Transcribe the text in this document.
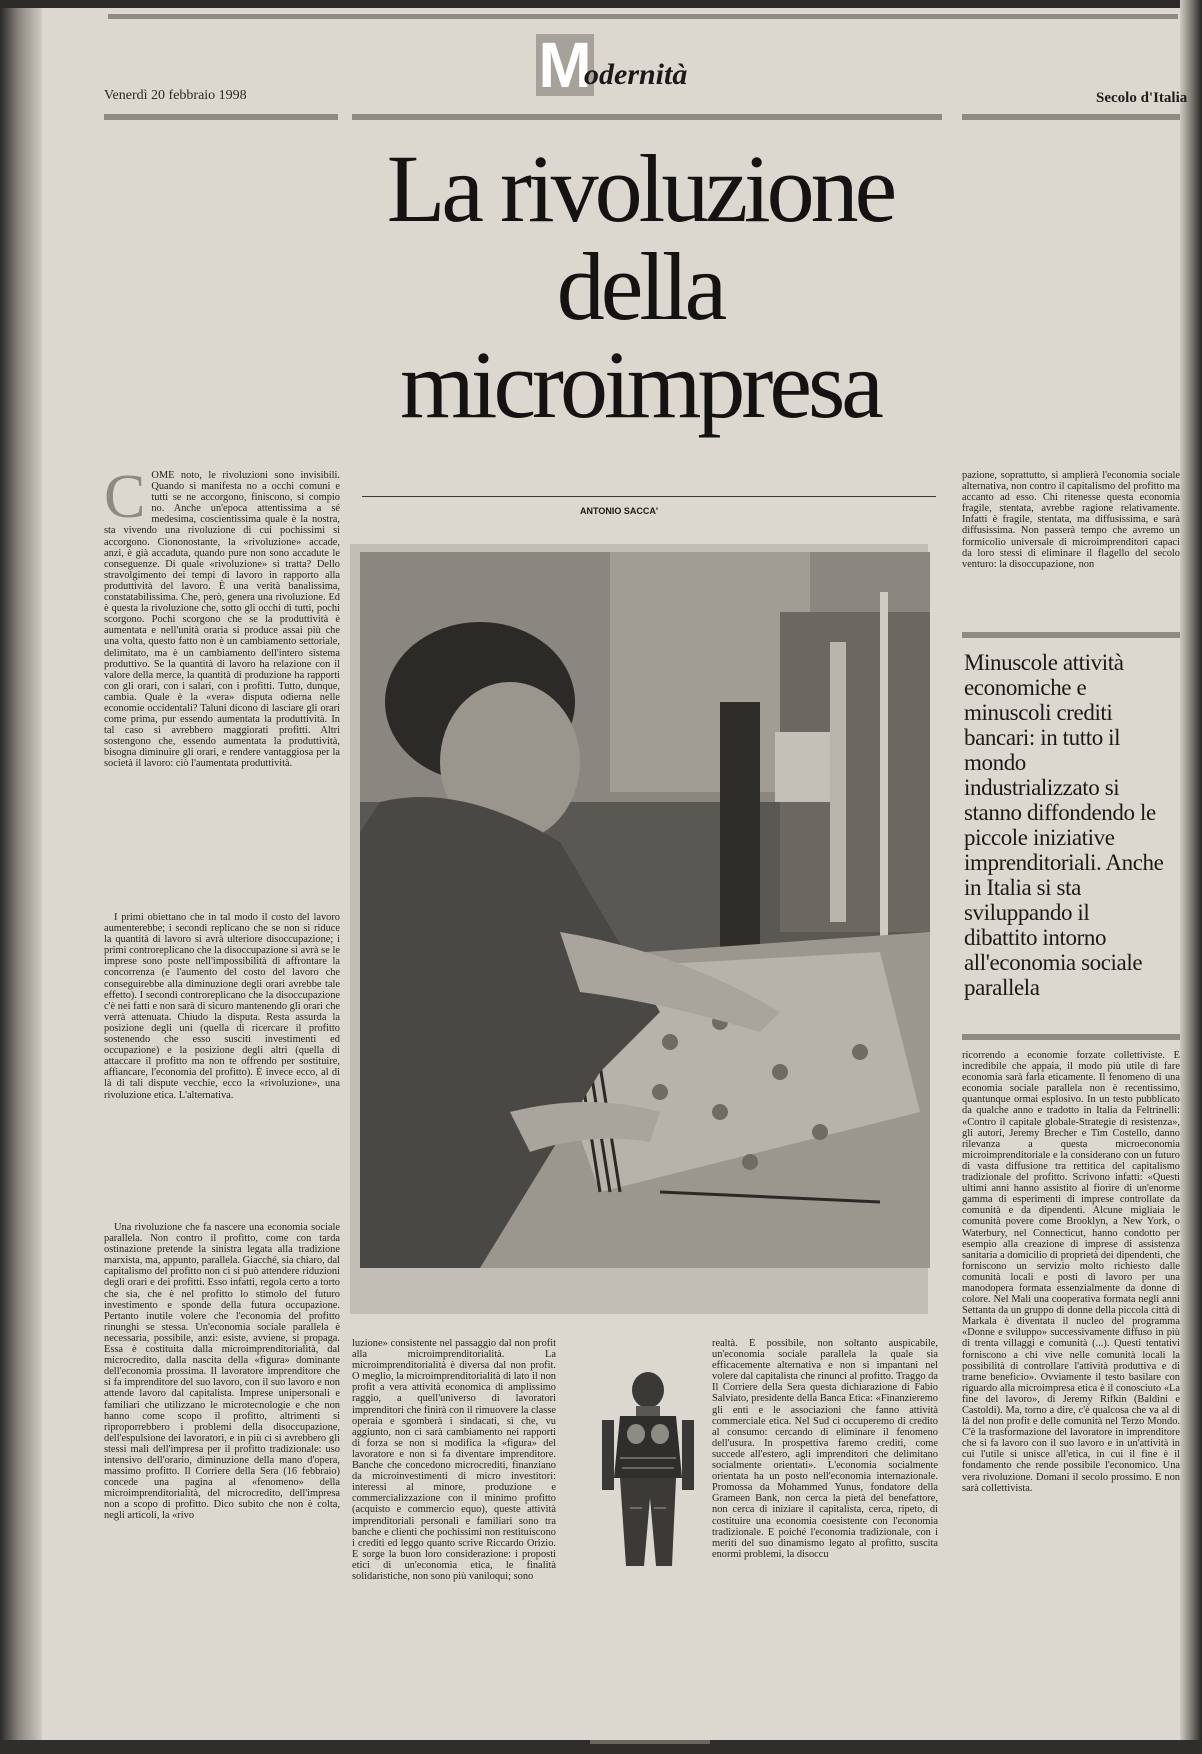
Venerdì 20 febbraio 1998	M
odernità
Secolo d'Italia
La rivoluzione
della
microimpresa
ANTONIO SACCA'
C OME noto, le rivoluzioni sono invisibili. Quando si manifesta no a occhi comuni e tutti se ne accorgono, finiscono, si compio no. Anche un'epoca attentissima a sé medesima, coscientissima quale è la nostra, sta vivendo una rivoluzione di cui pochissimi si accorgono. Ciononostante, la «rivoluzione» accade, anzi, è già accaduta, quando pure non sono accadute le conseguenze. Di quale «rivoluzione» si tratta? Dello stravolgimento dei tempi di lavoro in rapporto alla produttività del lavoro. È una verità banalissima, constatabilissima. Che, però, genera una rivoluzione. Ed è questa la rivoluzione che, sotto gli occhi di tutti, pochi scorgono. Pochi scorgono che se la produttività è aumentata e nell'unità oraria si produce assai più che una volta, questo fatto non è un cambiamento settoriale, delimitato, ma è un cambiamento dell'intero sistema produttivo. Se la quantità di lavoro ha relazione con il valore della merce, la quantità di produzione ha rapporti con gli orari, con i salari, con i profitti. Tutto, dunque, cambia. Quale è la «vera» disputa odierna nelle economie occidentali? Taluni dicono di lasciare gli orari come prima, pur essendo aumentata la produttività. In tal caso si avrebbero maggiorati profitti. Altri sostengono che, essendo aumentata la produttività, bisogna diminuire gli orari, e rendere vantaggiosa per la società il lavoro: ciò l'aumentata produttività.

I primi obiettano che in tal modo il costo del lavoro aumenterebbe; i secondi replicano che se non si riduce la quantità di lavoro si avrà ulteriore disoccupazione; i primi controreplicano che la disoccupazione si avrà se le imprese sono poste nell'impossibilità di affrontare la concorrenza (e l'aumento del costo del lavoro che conseguirebbe alla diminuzione degli orari avrebbe tale effetto). I secondi controreplicano che la disoccupazione c'è nei fatti e non sarà di sicuro mantenendo gli orari che verrà attenuata. Chiudo la disputa. Resta assurda la posizione degli uni (quella di ricercare il profitto sostenendo che esso susciti investimenti ed occupazione) e la posizione degli altri (quella di attaccare il profitto ma non te offrendo per sostituire, affiancare, l'economia del profitto). È invece ecco, al di là di tali dispute vecchie, ecco la «rivoluzione», una rivoluzione etica. L'alternativa.

Una rivoluzione che fa nascere una economia sociale parallela. Non contro il profitto, come con tarda ostinazione pretende la sinistra legata alla tradizione marxista, ma, appunto, parallela. Giacché, sia chiaro, dal capitalismo del profitto non ci si può attendere riduzioni degli orari e dei profitti. Esso infatti, regola certo a torto che sia, che è nel profitto lo stimolo del futuro investimento e sponde della futura occupazione. Pertanto inutile volere che l'economia del profitto rinunghi se stessa. Un'economia sociale parallela è necessaria, possibile, anzi: esiste, avviene, si propaga. Essa è costituita dalla microimprenditorialità, dal microcredito, dalla nascita della «figura» dominante dell'economia prossima. Il lavoratore imprenditore che si fa imprenditore del suo lavoro, con il suo lavoro e non attende lavoro dal capitalista. Imprese unipersonali e familiari che utilizzano le microtecnologie e che non hanno come scopo il profitto, altrimenti si riproporrebbero i problemi della disoccupazione, dell'espulsione dei lavoratori, e in più ci si avrebbero gli stessi mali dell'impresa per il profitto tradizionale: uso intensivo dell'orario, diminuzione della mano d'opera, massimo profitto. Il Corriere della Sera (16 febbraio) concede una pagina al «fenomeno» della microimprenditorialità, del microcredito, dell'impresa non a scopo di profitto. Dico subito che non è colta, negli articoli, la «rivo

luzione» consistente nel passaggio dal non profit alla microimprenditorialità. La microimprenditorialità è diversa dal non profit. O meglio, la microimprenditorialità di lato il non profit a vera attività economica di amplissimo raggio, a quell'universo di lavoratori imprenditori che finirà con il rimuovere la classe operaia e sgomberà i sindacati, sì che, vu aggiunto, non ci sarà cambiamento nei rapporti di forza se non si modifica la «figura» del lavoratore e non si fa diventare imprenditore. Banche che concedono microcrediti, finanziano da microinvestimenti di micro investitori: interessi al minore, produzione e commercializzazione con il minimo profitto (acquisto e commercio equo), queste attività imprenditoriali personali e familiari sono tra banche e clienti che pochissimi non restituiscono i crediti ed leggo quanto scrive Riccardo Orizio. E sorge la buon loro considerazione: i proposti etici di un'economia etica, le finalità solidaristiche, non sono più vaniloqui; sono

realtà. È possibile, non soltanto auspicabile, un'economia sociale parallela la quale sia efficacemente alternativa e non si impantani nel volere dal capitalista che rinunci al profitto. Traggo da Il Corriere della Sera questa dichiarazione di Fabio Salviato, presidente della Banca Etica: «Finanzieremo gli enti e le associazioni che fanno attività commerciale etica. Nel Sud ci occuperemo di credito al consumo: cercando di eliminare il fenomeno dell'usura. In prospettiva faremo crediti, come succede all'estero, agli imprenditori che delimitano socialmente orientati». L'economia socialmente orientata ha un posto nell'economia internazionale. Promossa da Mohammed Yunus, fondatore della Grameen Bank, non cerca la pietà del benefattore, non cerca di iniziare il capitalista, cerca, ripeto, di costituire una economia coesistente con l'economia tradizionale. E poiché l'economia tradizionale, con i meriti del suo dinamismo legato al profitto, suscita enormi problemi, la disoccu

pazione, soprattutto, si amplierà l'economia sociale alternativa, non contro il capitalismo del profitto ma accanto ad esso. Chi ritenesse questa economia fragile, stentata, avrebbe ragione relativamente. Infatti è fragile, stentata, ma diffusissima, e sarà diffusissima. Non passerà tempo che avremo un formicolìo universale di microimprenditori capaci da loro stessi di eliminare il flagello del secolo venturo: la disoccupazione, non

Minuscole attività economiche e minuscoli crediti bancari: in tutto il mondo industrializzato si stanno diffondendo le piccole iniziative imprenditoriali. Anche in Italia si sta sviluppando il dibattito intorno all'economia sociale parallela

ricorrendo a economie forzate collettiviste. È incredibile che appaia, il modo più utile di fare economia sarà farla eticamente. Il fenomeno di una economia sociale parallela non è recentissimo, quantunque ormai esplosivo. In un testo pubblicato da qualche anno e tradotto in Italia da Feltrinelli: «Contro il capitale globale-Strategie di resistenza», gli autori, Jeremy Brecher e Tim Costello, danno rilevanza a questa microeconomia microimprenditoriale e la considerano con un futuro di vasta diffusione tra rettitica del capitalismo tradizionale del profitto. Scrivono infatti: «Questi ultimi anni hanno assistito al fiorire di un'enorme gamma di esperimenti di imprese controllate da comunità e da dipendenti. Alcune migliaia le comunità povere come Brooklyn, a New York, o Waterbury, nel Connecticut, hanno condotto per esempio alla creazione di imprese di assistenza sanitaria a domicilio di proprietà dei dipendenti, che forniscono un servizio molto richiesto dalle comunità locali e posti di lavoro per una manodopera formata essenzialmente da donne di colore. Nel Mali una cooperativa formata negli anni Settanta da un gruppo di donne della piccola città di Markala è diventata il nucleo del programma «Donne e sviluppo» successivamente diffuso in più di trenta villaggi e comunità (...). Questi tentativi forniscono a chi vive nelle comunità locali la possibilità di controllare l'attività produttiva e di trarne beneficio». Ovviamente il testo basilare con riguardo alla microimpresa etica è il conosciuto «La fine del lavoro», di Jeremy Rifkin (Baldini e Castoldi). Ma, torno a dire, c'è qualcosa che va al di là del non profit e delle comunità nel Terzo Mondo. C'è la trasformazione del lavoratore in imprenditore che si fa lavoro con il suo lavoro e in un'attività in cui l'utile si unisce all'etica, in cui il fine è il fondamento che rende possibile l'economico. Una vera rivoluzione. Domani il secolo prossimo. E non sarà collettivista.
